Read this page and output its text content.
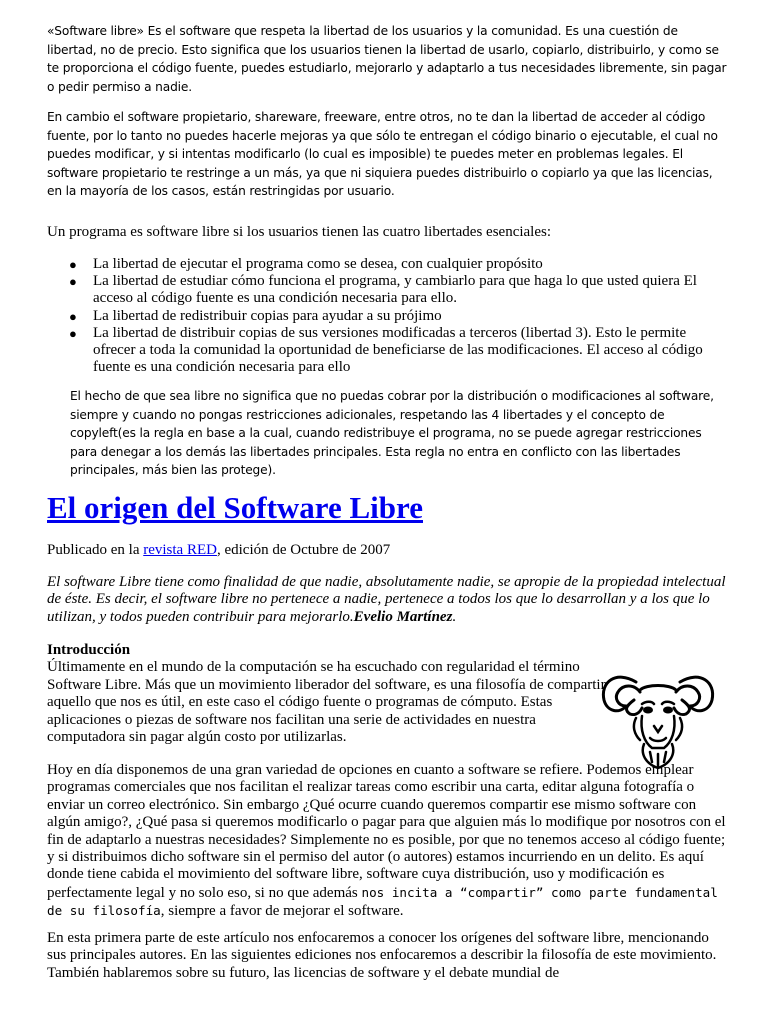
«Software libre» Es el software que respeta la libertad de los usuarios y la comunidad. Es una cuestión de libertad, no de precio. Esto significa que los usuarios tienen la libertad de usarlo, copiarlo, distribuirlo, y como se te proporciona el código fuente, puedes estudiarlo, mejorarlo y adaptarlo a tus necesidades libremente, sin pagar o pedir permiso a nadie.
En cambio el software propietario, shareware, freeware, entre otros, no te dan la libertad de acceder al código fuente, por lo tanto no puedes hacerle mejoras ya que sólo te entregan el código binario o ejecutable, el cual no puedes modificar, y si intentas modificarlo (lo cual es imposible) te puedes meter en problemas legales. El software propietario te restringe a un más, ya que ni siquiera puedes distribuirlo o copiarlo ya que las licencias, en la mayoría de los casos, están restringidas por usuario.
Un programa es software libre si los usuarios tienen las cuatro libertades esenciales:
● La libertad de ejecutar el programa como se desea, con cualquier propósito
● La libertad de estudiar cómo funciona el programa, y cambiarlo para que haga lo que usted quiera El acceso al código fuente es una condición necesaria para ello.
● La libertad de redistribuir copias para ayudar a su prójimo
● La libertad de distribuir copias de sus versiones modificadas a terceros (libertad 3). Esto le permite ofrecer a toda la comunidad la oportunidad de beneficiarse de las modificaciones. El acceso al código fuente es una condición necesaria para ello
El hecho de que sea libre no significa que no puedas cobrar por la distribución o modificaciones al software, siempre y cuando no pongas restricciones adicionales, respetando las 4 libertades y el concepto de copyleft(es la regla en base a la cual, cuando redistribuye el programa, no se puede agregar restricciones para denegar a los demás las libertades principales. Esta regla no entra en conflicto con las libertades principales, más bien las protege).
El origen del Software Libre
Publicado en la revista RED, edición de Octubre de 2007
El software Libre tiene como finalidad de que nadie, absolutamente nadie, se apropie de la propiedad intelectual de éste. Es decir, el software libre no pertenece a nadie, pertenece a todos los que lo desarrollan y a los que lo utilizan, y todos pueden contribuir para mejorarlo.Evelio Martínez.
Introducción
Últimamente en el mundo de la computación se ha escuchado con regularidad el término Software Libre. Más que un movimiento liberador del software, es una filosofía de compartir aquello que nos es útil, en este caso el código fuente o programas de cómputo. Estas aplicaciones o piezas de software nos facilitan una serie de actividades en nuestra computadora sin pagar algún costo por utilizarlas.
Hoy en día disponemos de una gran variedad de opciones en cuanto a software se refiere. Podemos emplear programas comerciales que nos facilitan el realizar tareas como escribir una carta, editar alguna fotografía o enviar un correo electrónico. Sin embargo ¿Qué ocurre cuando queremos compartir ese mismo software con algún amigo?, ¿Qué pasa si queremos modificarlo o pagar para que alguien más lo modifique por nosotros con el fin de adaptarlo a nuestras necesidades? Simplemente no es posible, por que no tenemos acceso al código fuente; y si distribuimos dicho software sin el permiso del autor (o autores) estamos incurriendo en un delito. Es aquí donde tiene cabida el movimiento del software libre, software cuya distribución, uso y modificación es perfectamente legal y no solo eso, si no que además nos incita a “compartir” como parte fundamental de su filosofía, siempre a favor de mejorar el software.
En esta primera parte de este artículo nos enfocaremos a conocer los orígenes del software libre, mencionando sus principales autores. En las siguientes ediciones nos enfocaremos a describir la filosofía de este movimiento. También hablaremos sobre su futuro, las licencias de software y el debate mundial de
